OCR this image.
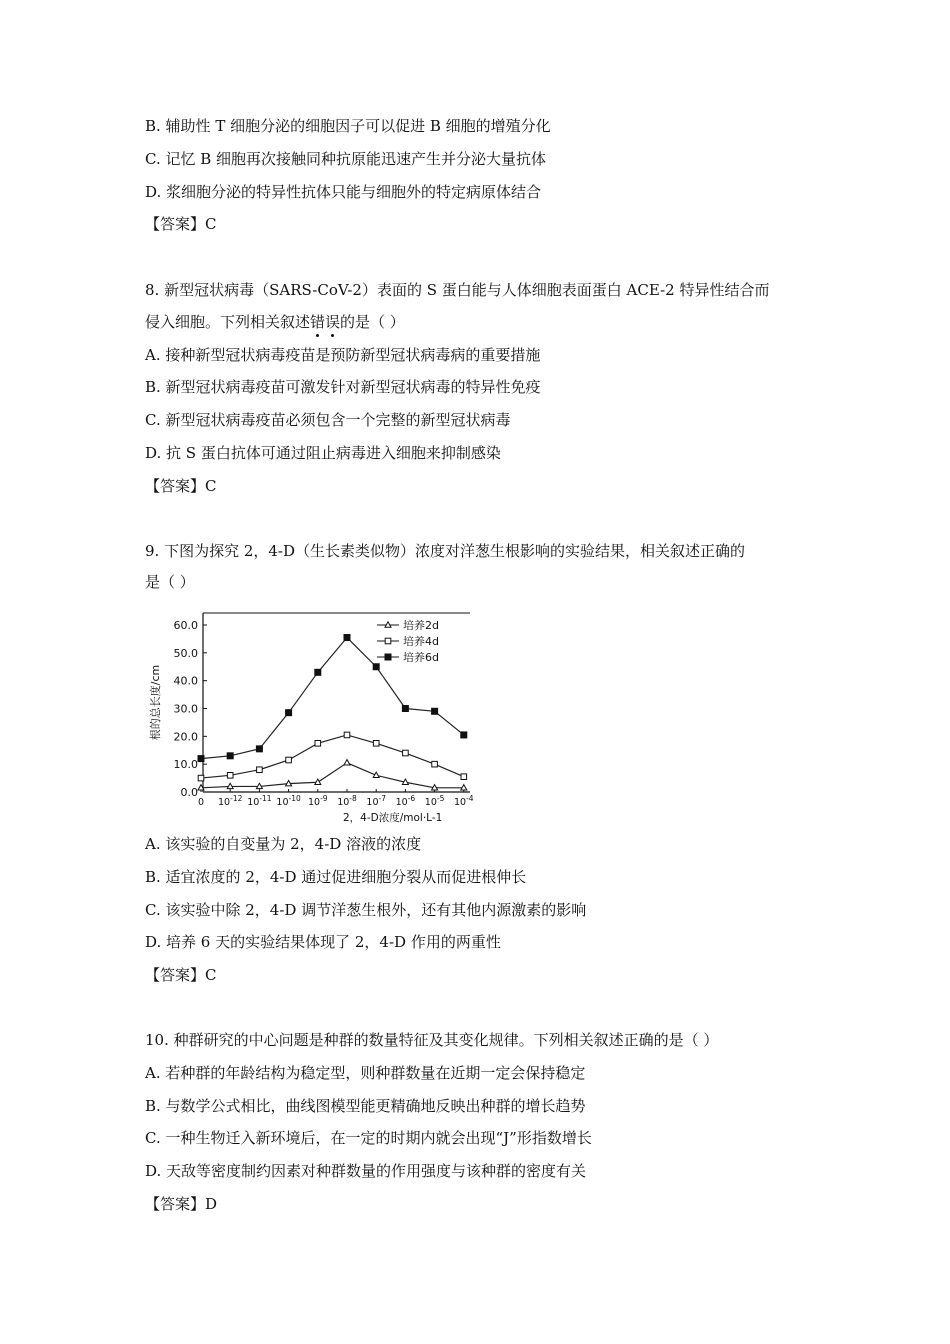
B. 辅助性 T 细胞分泌的细胞因子可以促进 B 细胞的增殖分化
C. 记忆 B 细胞再次接触同种抗原能迅速产生并分泌大量抗体
D. 浆细胞分泌的特异性抗体只能与细胞外的特定病原体结合
【答案】C
8. 新型冠状病毒（SARS-CoV-2）表面的 S 蛋白能与人体细胞表面蛋白 ACE-2 特异性结合而
侵入细胞。下列相关叙述错误
的是（ ）
A. 接种新型冠状病毒疫苗是预防新型冠状病毒病的重要措施
B. 新型冠状病毒疫苗可激发针对新型冠状病毒的特异性免疫
C. 新型冠状病毒疫苗必须包含一个完整的新型冠状病毒
D. 抗 S 蛋白抗体可通过阻止病毒进入细胞来抑制感染
【答案】C
9. 下图为探究 2，4-D（生长素类似物）浓度对洋葱生根影响的实验结果，相关叙述正确的
是（ ）
0.0
10.0
20.0
30.0
40.0
50.0
60.0
0 $10^{-12}$ $10^{-11}$ $10^{-10}$ $10^{-9}$ $10^{-8}$ $10^{-7}$ $10^{-6}$ $10^{-5}$ $10^{-4}$
根的总长度/cm
2，4-D浓度/mol·L-1
培养2d
培养4d
培养6d
A. 该实验的自变量为 2，4-D 溶液的浓度
B. 适宜浓度的 2，4-D 通过促进细胞分裂从而促进根伸长
C. 该实验中除 2，4-D 调节洋葱生根外，还有其他内源激素的影响
D. 培养 6 天的实验结果体现了 2，4-D 作用的两重性
【答案】C
10. 种群研究的中心问题是种群的数量特征及其变化规律。下列相关叙述正确的是（ ）
A. 若种群的年龄结构为稳定型，则种群数量在近期一定会保持稳定
B. 与数学公式相比，曲线图模型能更精确地反映出种群的增长趋势
C. 一种生物迁入新环境后，在一定的时期内就会出现“J”形指数增长
D. 天敌等密度制约因素对种群数量的作用强度与该种群的密度有关
【答案】D
